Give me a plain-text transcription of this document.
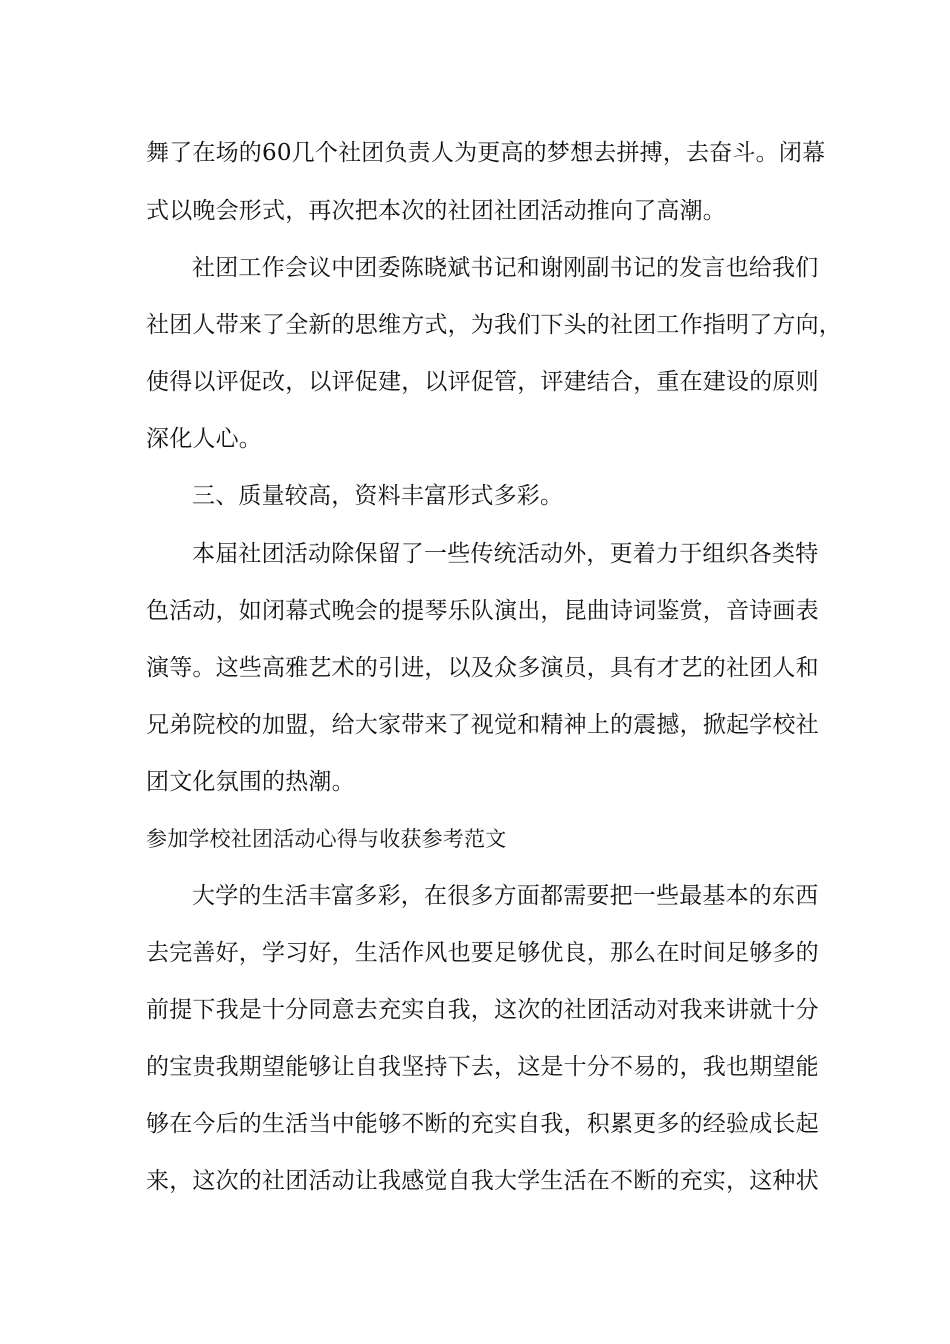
舞了在场的60几个社团负责人为更高的梦想去拼搏，去奋斗。闭幕
式以晚会形式，再次把本次的社团社团活动推向了高潮。
社团工作会议中团委陈晓斌书记和谢刚副书记的发言也给我们
社团人带来了全新的思维方式，为我们下头的社团工作指明了方向，
使得以评促改，以评促建，以评促管，评建结合，重在建设的原则
深化人心。
三、质量较高，资料丰富形式多彩。
本届社团活动除保留了一些传统活动外，更着力于组织各类特
色活动，如闭幕式晚会的提琴乐队演出，昆曲诗词鉴赏，音诗画表
演等。这些高雅艺术的引进，以及众多演员，具有才艺的社团人和
兄弟院校的加盟，给大家带来了视觉和精神上的震撼，掀起学校社
团文化氛围的热潮。
参加学校社团活动心得与收获参考范文
大学的生活丰富多彩，在很多方面都需要把一些最基本的东西
去完善好，学习好，生活作风也要足够优良，那么在时间足够多的
前提下我是十分同意去充实自我，这次的社团活动对我来讲就十分
的宝贵我期望能够让自我坚持下去，这是十分不易的，我也期望能
够在今后的生活当中能够不断的充实自我，积累更多的经验成长起
来，这次的社团活动让我感觉自我大学生活在不断的充实，这种状
